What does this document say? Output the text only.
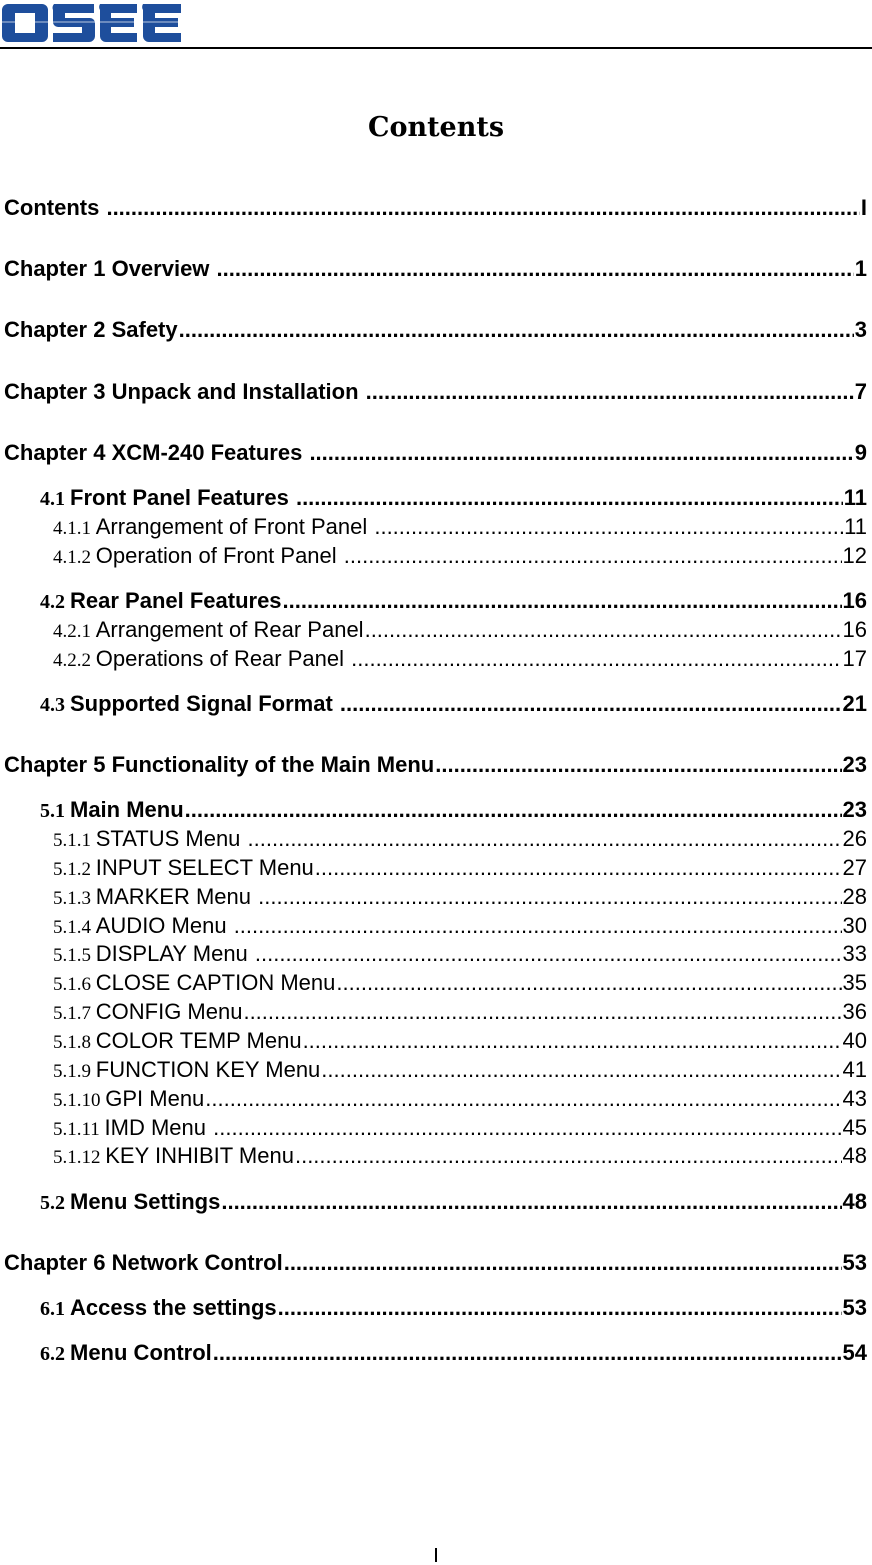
Contents
Contents .....	I
Chapter 1 Overview .....	1
Chapter 2 Safety .....	3
Chapter 3 Unpack and Installation .....	7
Chapter 4 XCM-240 Features .....	9
4.1 Front Panel Features .....	11
4.1.1 Arrangement of Front Panel .....	11
4.1.2 Operation of Front Panel .....	12
4.2 Rear Panel Features .....	16
4.2.1 Arrangement of Rear Panel .....	16
4.2.2 Operations of Rear Panel .....	17
4.3 Supported Signal Format .....	21
Chapter 5 Functionality of the Main Menu .....	23
5.1 Main Menu .....	23
5.1.1 STATUS Menu .....	26
5.1.2 INPUT SELECT Menu .....	27
5.1.3 MARKER Menu .....	28
5.1.4 AUDIO Menu .....	30
5.1.5 DISPLAY Menu .....	33
5.1.6 CLOSE CAPTION Menu .....	35
5.1.7 CONFIG Menu .....	36
5.1.8 COLOR TEMP Menu .....	40
5.1.9 FUNCTION KEY Menu .....	41
5.1.10 GPI Menu .....	43
5.1.11 IMD Menu .....	45
5.1.12 KEY INHIBIT Menu .....	48
5.2 Menu Settings .....	48
Chapter 6 Network Control .....	53
6.1 Access the settings .....	53
6.2 Menu Control .....	54
